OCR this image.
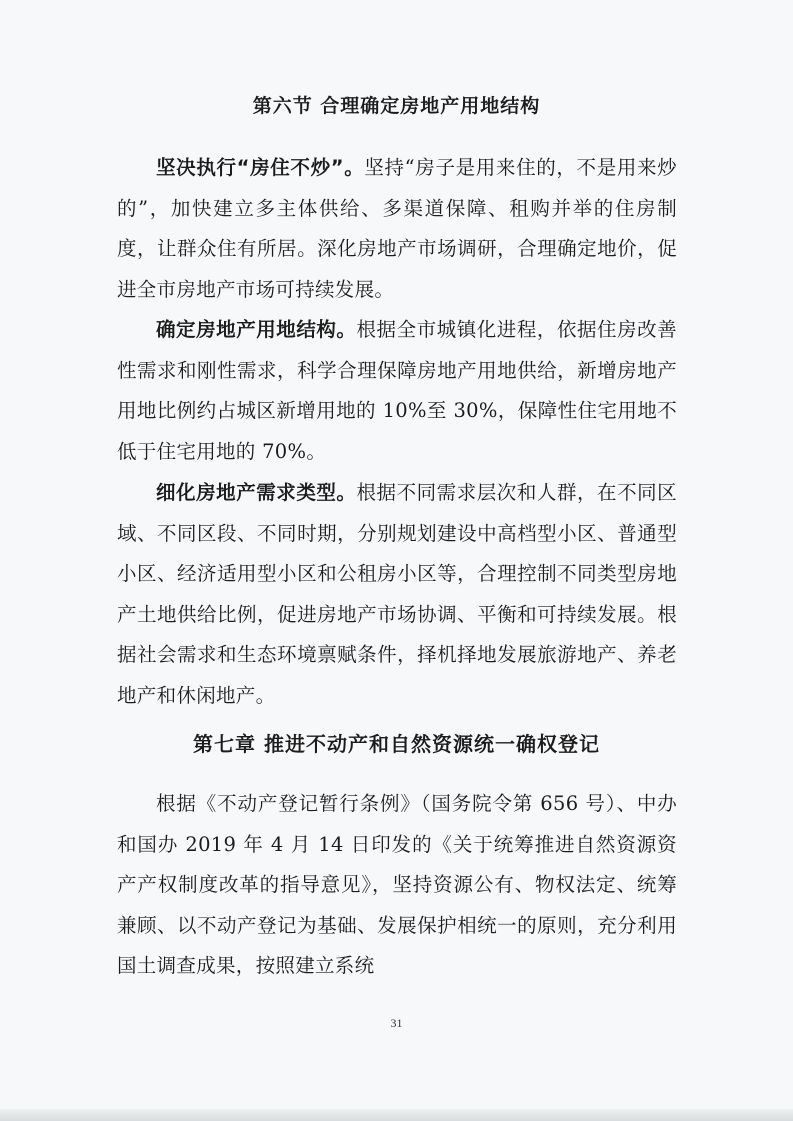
第六节 合理确定房地产用地结构

坚决执行“房住不炒”。坚持“房子是用来住的，不是用来炒的”，加快建立多主体供给、多渠道保障、租购并举的住房制度，让群众住有所居。深化房地产市场调研，合理确定地价，促进全市房地产市场可持续发展。

确定房地产用地结构。根据全市城镇化进程，依据住房改善性需求和刚性需求，科学合理保障房地产用地供给，新增房地产用地比例约占城区新增用地的 10%至 30%，保障性住宅用地不低于住宅用地的 70%。

细化房地产需求类型。根据不同需求层次和人群，在不同区域、不同区段、不同时期，分别规划建设中高档型小区、普通型小区、经济适用型小区和公租房小区等，合理控制不同类型房地产土地供给比例，促进房地产市场协调、平衡和可持续发展。根据社会需求和生态环境禀赋条件，择机择地发展旅游地产、养老地产和休闲地产。

第七章 推进不动产和自然资源统一确权登记

根据《不动产登记暂行条例》（国务院令第 656 号）、中办和国办 2019 年 4 月 14 日印发的《关于统筹推进自然资源资产产权制度改革的指导意见》，坚持资源公有、物权法定、统筹兼顾、以不动产登记为基础、发展保护相统一的原则，充分利用国土调查成果，按照建立系统

31
